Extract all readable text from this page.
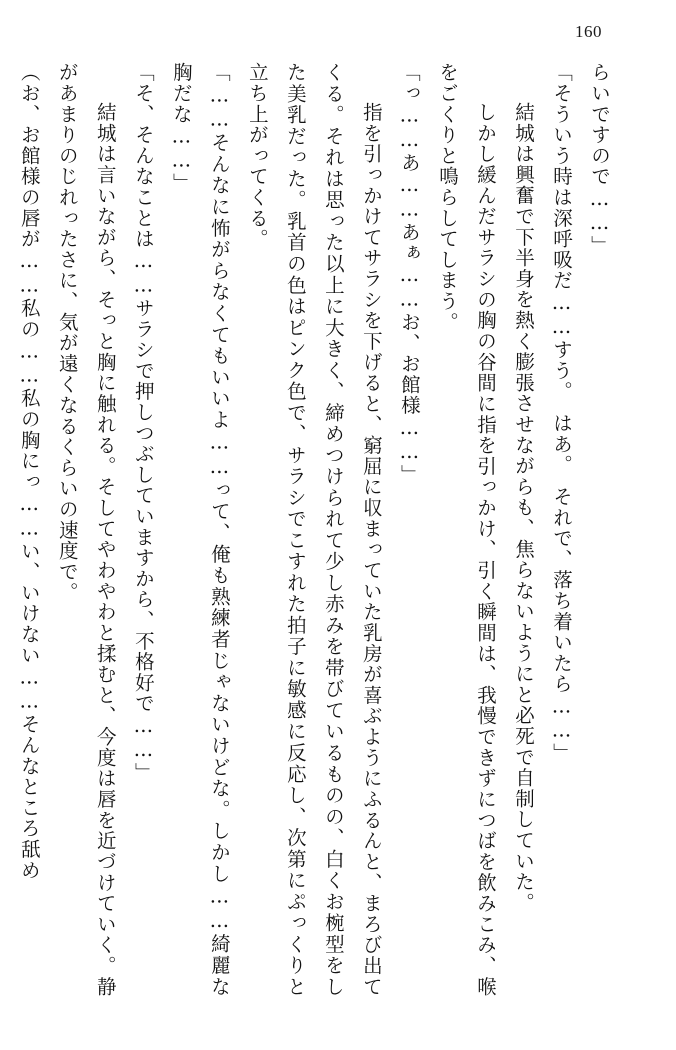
160

らいですので……」

「そういう時は深呼吸だ……すう。　はあ。　それで、落ち着いたら……」

　結城は興奮で下半身を熱く膨張させながらも、焦らないようにと必死で自制していた。

　しかし緩んだサラシの胸の谷間に指を引っかけ、引く瞬間は、我慢できずにつばを飲みこみ、喉をごくりと鳴らしてしまう。

「っ……あ……あぁ……お、お館様……」

　指を引っかけてサラシを下げると、窮屈に収まっていた乳房が喜ぶようにふるんと、まろび出てくる。それは思った以上に大きく、締めつけられて少し赤みを帯びているものの、白くお椀型をした美乳だった。乳首の色はピンク色で、サラシでこすれた拍子に敏感に反応し、次第にぷっくりと立ち上がってくる。

「……そんなに怖がらなくてもいいよ……って、俺も熟練者じゃないけどな。しかし……綺麗な胸だな……」

「そ、そんなことは……サラシで押しつぶしていますから、不格好で……」

　結城は言いながら、そっと胸に触れる。そしてやわやわと揉むと、今度は唇を近づけていく。静があまりのじれったさに、気が遠くなるくらいの速度で。

（お、お館様の唇が……私の……私の胸にっ……い、いけない……そんなところ舐め
